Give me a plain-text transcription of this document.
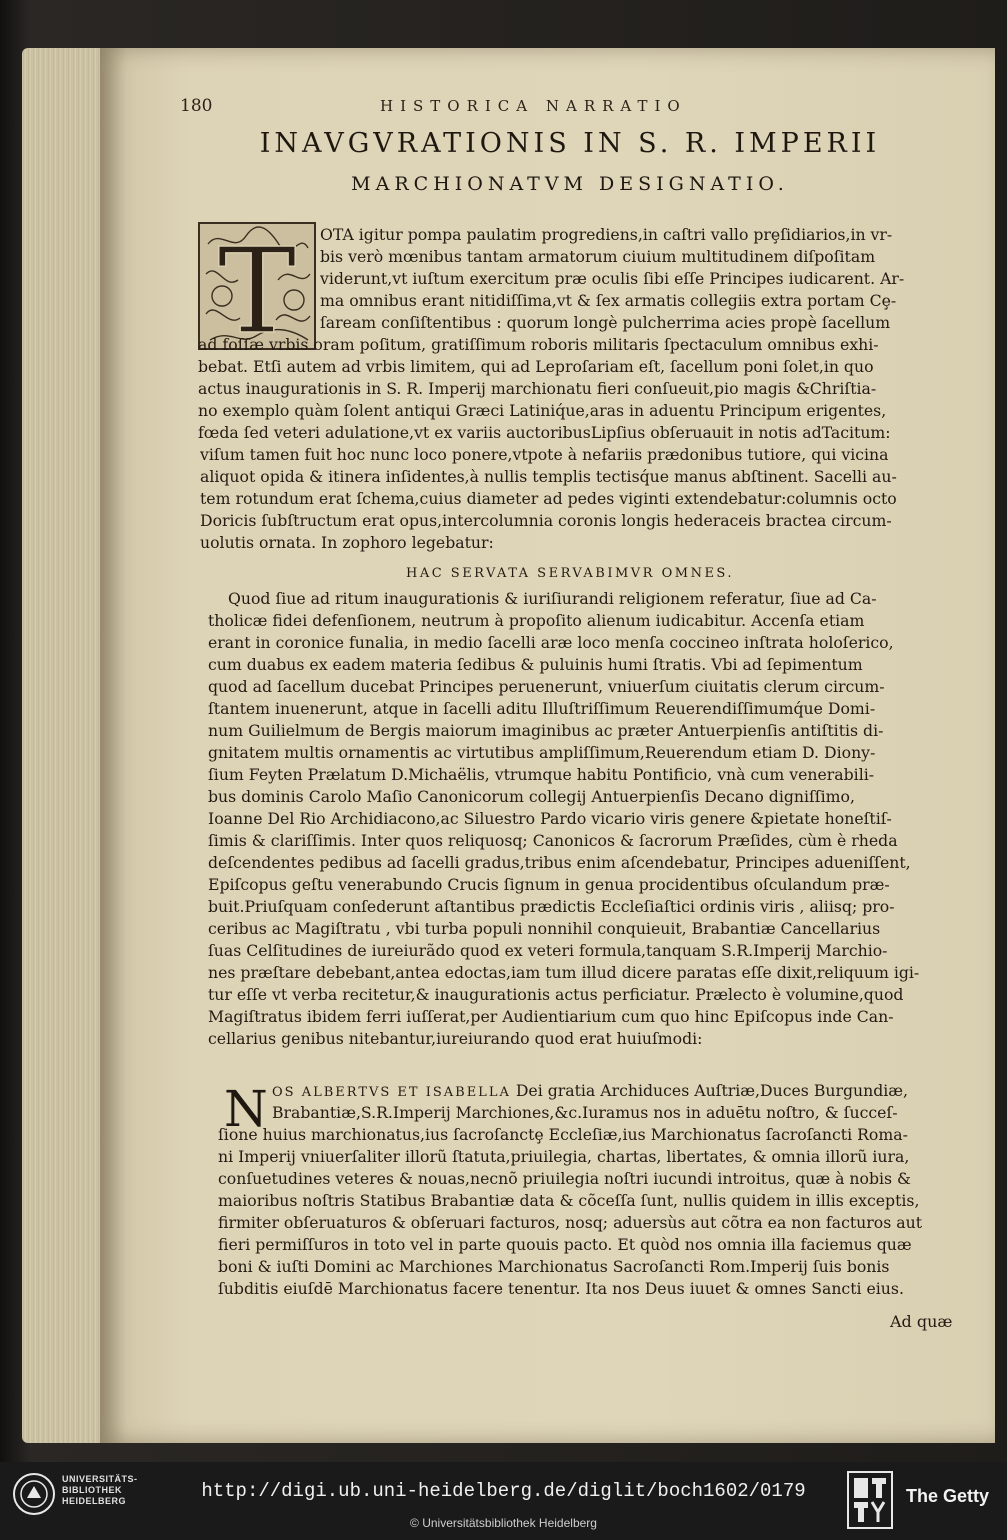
180	HISTORICA NARRATIO
INAVGVRATIONIS IN S. R. IMPERII
MARCHIONATVM DESIGNATIO.
T OTA igitur pompa paulatim progrediens,in caſtri vallo prȩſidiarios,in vr-
bis verò mœnibus tantam armatorum ciuium multitudinem diſpoſitam
viderunt,vt iuſtum exercitum præ oculis ſibi eſſe Principes iudicarent. Ar-
ma omnibus erant nitidiſſima,vt & ſex armatis collegiis extra portam Cȩ-
ſaream conſiſtentibus : quorum longè pulcherrima acies propè ſacellum
ad foſſæ vrbis oram poſitum, gratiſſimum roboris militaris ſpectaculum omnibus exhi-
bebat. Etſi autem ad vrbis limitem, qui ad Leproſariam eſt, ſacellum poni ſolet,in quo
actus inaugurationis in S. R. Imperij marchionatu fieri conſueuit,pio magis &Chriſtia-
no exemplo quàm ſolent antiqui Græci Latiniq́ue,aras in aduentu Principum erigentes,
fœda ſed veteri adulatione,vt ex variis auctoribusLipſius obſeruauit in notis adTacitum:
viſum tamen fuit hoc nunc loco ponere,vtpote à nefariis prædonibus tutiore, qui vicina
aliquot opida & itinera inſidentes,à nullis templis tectisq́ue manus abſtinent. Sacelli au-
tem rotundum erat ſchema,cuius diameter ad pedes viginti extendebatur:columnis octo
Doricis ſubſtructum erat opus,intercolumnia coronis longis hederaceis bractea circum-
uolutis ornata. In zophoro legebatur:
HAC SERVATA SERVABIMVR OMNES.
Quod ſiue ad ritum inaugurationis & iuriſiurandi religionem referatur, ſiue ad Ca-
tholicæ fidei defenſionem, neutrum à propoſito alienum iudicabitur. Accenſa etiam
erant in coronice funalia, in medio ſacelli aræ loco menſa coccineo inſtrata holoſerico,
cum duabus ex eadem materia ſedibus & puluinis humi ſtratis. Vbi ad ſepimentum
quod ad ſacellum ducebat Principes peruenerunt, vniuerſum ciuitatis clerum circum-
ſtantem inuenerunt, atque in ſacelli aditu Illuſtriſſimum Reuerendiſſimumq́ue Domi-
num Guilielmum de Bergis maiorum imaginibus ac præter Antuerpienſis antiſtitis di-
gnitatem multis ornamentis ac virtutibus ampliſſimum,Reuerendum etiam D. Diony-
ſium Feyten Prælatum D.Michaëlis, vtrumque habitu Pontificio, vnà cum venerabili-
bus dominis Carolo Maſio Canonicorum collegij Antuerpienſis Decano digniſſimo,
Ioanne Del Rio Archidiacono,ac Siluestro Pardo vicario viris genere &pietate honeſtiſ-
ſimis & clariſſimis. Inter quos reliquosq; Canonicos & ſacrorum Præſides, cùm è rheda
deſcendentes pedibus ad ſacelli gradus,tribus enim aſcendebatur, Principes adueniſſent,
Epiſcopus geſtu venerabundo Crucis ſignum in genua procidentibus oſculandum præ-
buit.Priuſquam conſederunt aſtantibus prædictis Eccleſiaſtici ordinis viris , aliisq; pro-
ceribus ac Magiſtratu , vbi turba populi nonnihil conquieuit, Brabantiæ Cancellarius
ſuas Celſitudines de iureiurãdo quod ex veteri formula,tanquam S.R.Imperij Marchio-
nes præſtare debebant,antea edoctas,iam tum illud dicere paratas eſſe dixit,reliquum igi-
tur eſſe vt verba recitetur,& inaugurationis actus perficiatur. Prælecto è volumine,quod
Magiſtratus ibidem ferri iuſſerat,per Audientiarium cum quo hinc Epiſcopus inde Can-
cellarius genibus nitebantur,iureiurando quod erat huiuſmodi:
N OS ALBERTVS ET ISABELLA Dei gratia Archiduces Auſtriæ,Duces Burgundiæ,
Brabantiæ,S.R.Imperij Marchiones,&c.Iuramus nos in aduētu noſtro, & ſucceſ-
ſione huius marchionatus,ius ſacroſanctȩ Eccleſiæ,ius Marchionatus ſacroſancti Roma-
ni Imperij vniuerſaliter illorũ ſtatuta,priuilegia, chartas, libertates, & omnia illorũ iura,
conſuetudines veteres & nouas,necnõ priuilegia noſtri iucundi introitus, quæ à nobis &
maioribus noſtris Statibus Brabantiæ data & cõceſſa ſunt, nullis quidem in illis exceptis,
firmiter obſeruaturos & obſeruari facturos, nosq; aduersùs aut cõtra ea non facturos aut
fieri permiſſuros in toto vel in parte quouis pacto. Et quòd nos omnia illa faciemus quæ
boni & iuſti Domini ac Marchiones Marchionatus Sacroſancti Rom.Imperij ſuis bonis
ſubditis eiuſdē Marchionatus facere tenentur. Ita nos Deus iuuet & omnes Sancti eius.
Ad quæ
UNIVERSITÄTS-
BIBLIOTHEK
HEIDELBERG	http://digi.ub.uni-heidelberg.de/diglit/boch1602/0179
© Universitätsbibliothek Heidelberg
The Getty
